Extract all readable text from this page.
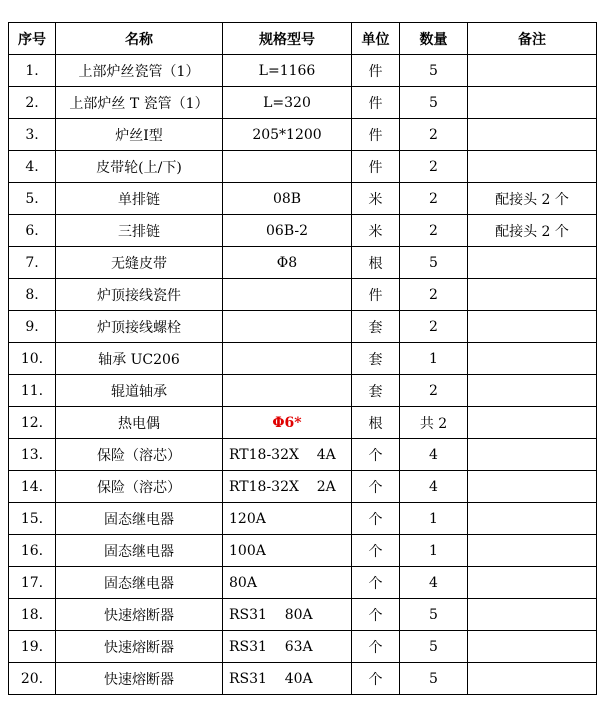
序号	名称	规格型号	单位	数量	备注
1.	上部炉丝瓷管（1）	L=1166	件	5	
2.	上部炉丝 T 瓷管（1）	L=320	件	5	
3.	炉丝Ⅰ型	205*1200	件	2	
4.	皮带轮(上/下)		件	2	
5.	单排链	08B	米	2	配接头 2 个
6.	三排链	06B-2	米	2	配接头 2 个
7.	无缝皮带	Φ8	根	5	
8.	炉顶接线瓷件		件	2	
9.	炉顶接线螺栓		套	2	
10.	轴承 UC206		套	1	
11.	辊道轴承		套	2	
12.	热电偶	Φ6*	根	共 2	
13.	保险（溶芯）	RT18-32X    4A	个	4	
14.	保险（溶芯）	RT18-32X    2A	个	4	
15.	固态继电器	120A	个	1	
16.	固态继电器	100A	个	1	
17.	固态继电器	80A	个	4	
18.	快速熔断器	RS31    80A	个	5	
19.	快速熔断器	RS31    63A	个	5	
20.	快速熔断器	RS31    40A	个	5	
